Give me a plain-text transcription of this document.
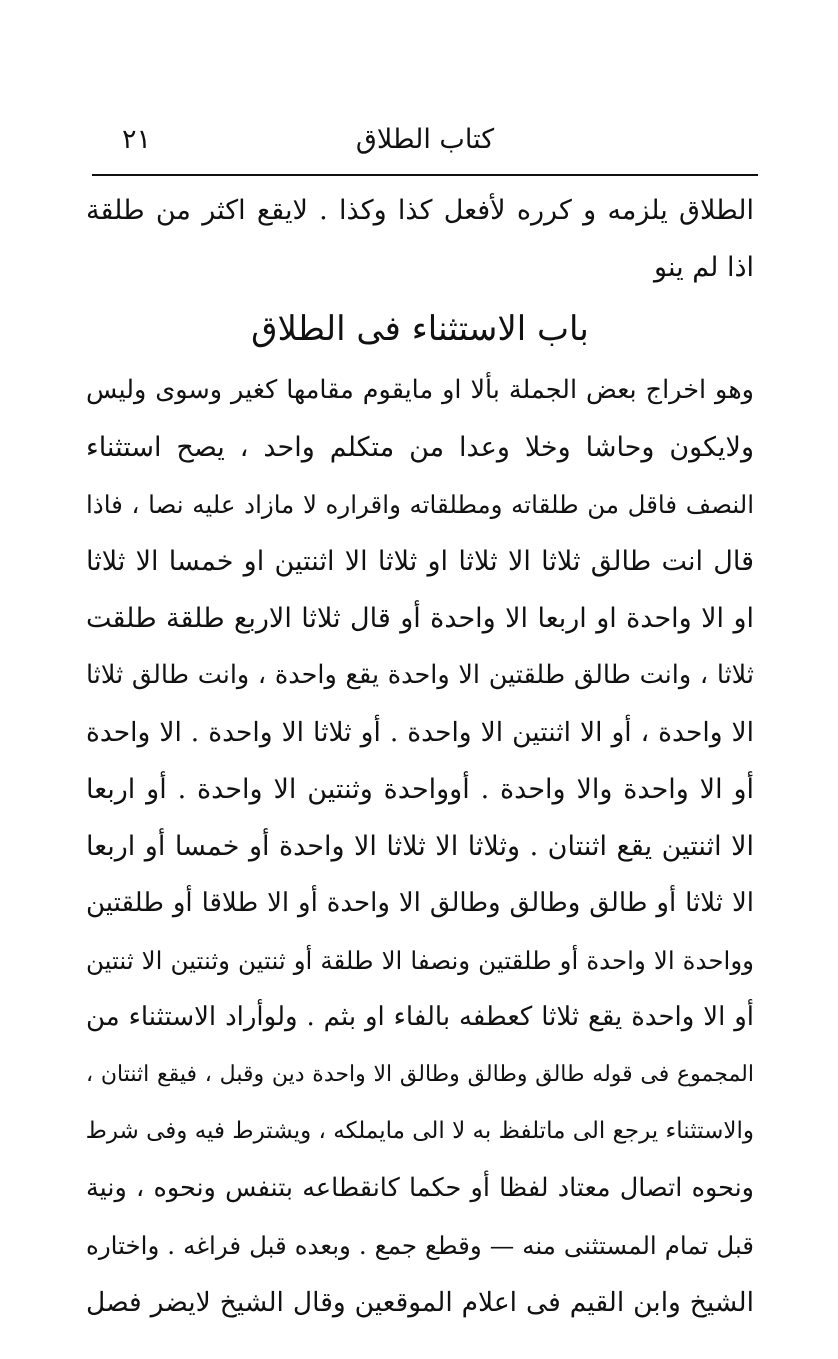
٢١	كتاب الطلاق
الطلاق يلزمه و كرره لأفعل كذا وكذا . لايقع اكثر من طلقة
اذا لم ينو
باب الاستثناء فى الطلاق
وهو اخراج بعض الجملة بألا او مايقوم مقامها كغير وسوى وليس
ولايكون وحاشا وخلا وعدا من متكلم واحد ، يصح استثناء
النصف فاقل من طلقاته ومطلقاته واقراره لا مازاد عليه نصا ، فاذا
قال انت طالق ثلاثا الا ثلاثا او ثلاثا الا اثنتين او خمسا الا ثلاثا
او الا واحدة او اربعا الا واحدة أو قال ثلاثا الاربع طلقة طلقت
ثلاثا ، وانت طالق طلقتين الا واحدة يقع واحدة ، وانت طالق ثلاثا
الا واحدة ، أو الا اثنتين الا واحدة . أو ثلاثا الا واحدة . الا واحدة
أو الا واحدة والا واحدة . أوواحدة وثنتين الا واحدة . أو اربعا
الا اثنتين يقع اثنتان . وثلاثا الا ثلاثا الا واحدة أو خمسا أو اربعا
الا ثلاثا أو طالق وطالق وطالق الا واحدة أو الا طلاقا أو طلقتين
وواحدة الا واحدة أو طلقتين ونصفا الا طلقة أو ثنتين وثنتين الا ثنتين
أو الا واحدة يقع ثلاثا كعطفه بالفاء او بثم . ولوأراد الاستثناء من
المجموع فى قوله طالق وطالق وطالق الا واحدة دين وقبل ، فيقع اثنتان ،
والاستثناء يرجع الى ماتلفظ به لا الى مايملكه ، ويشترط فيه وفى شرط
ونحوه اتصال معتاد لفظا أو حكما كانقطاعه بتنفس ونحوه ، ونية
قبل تمام المستثنى منه — وقطع جمع . وبعده قبل فراغه . واختاره
الشيخ وابن القيم فى اعلام الموقعين وقال الشيخ لايضر فصل
